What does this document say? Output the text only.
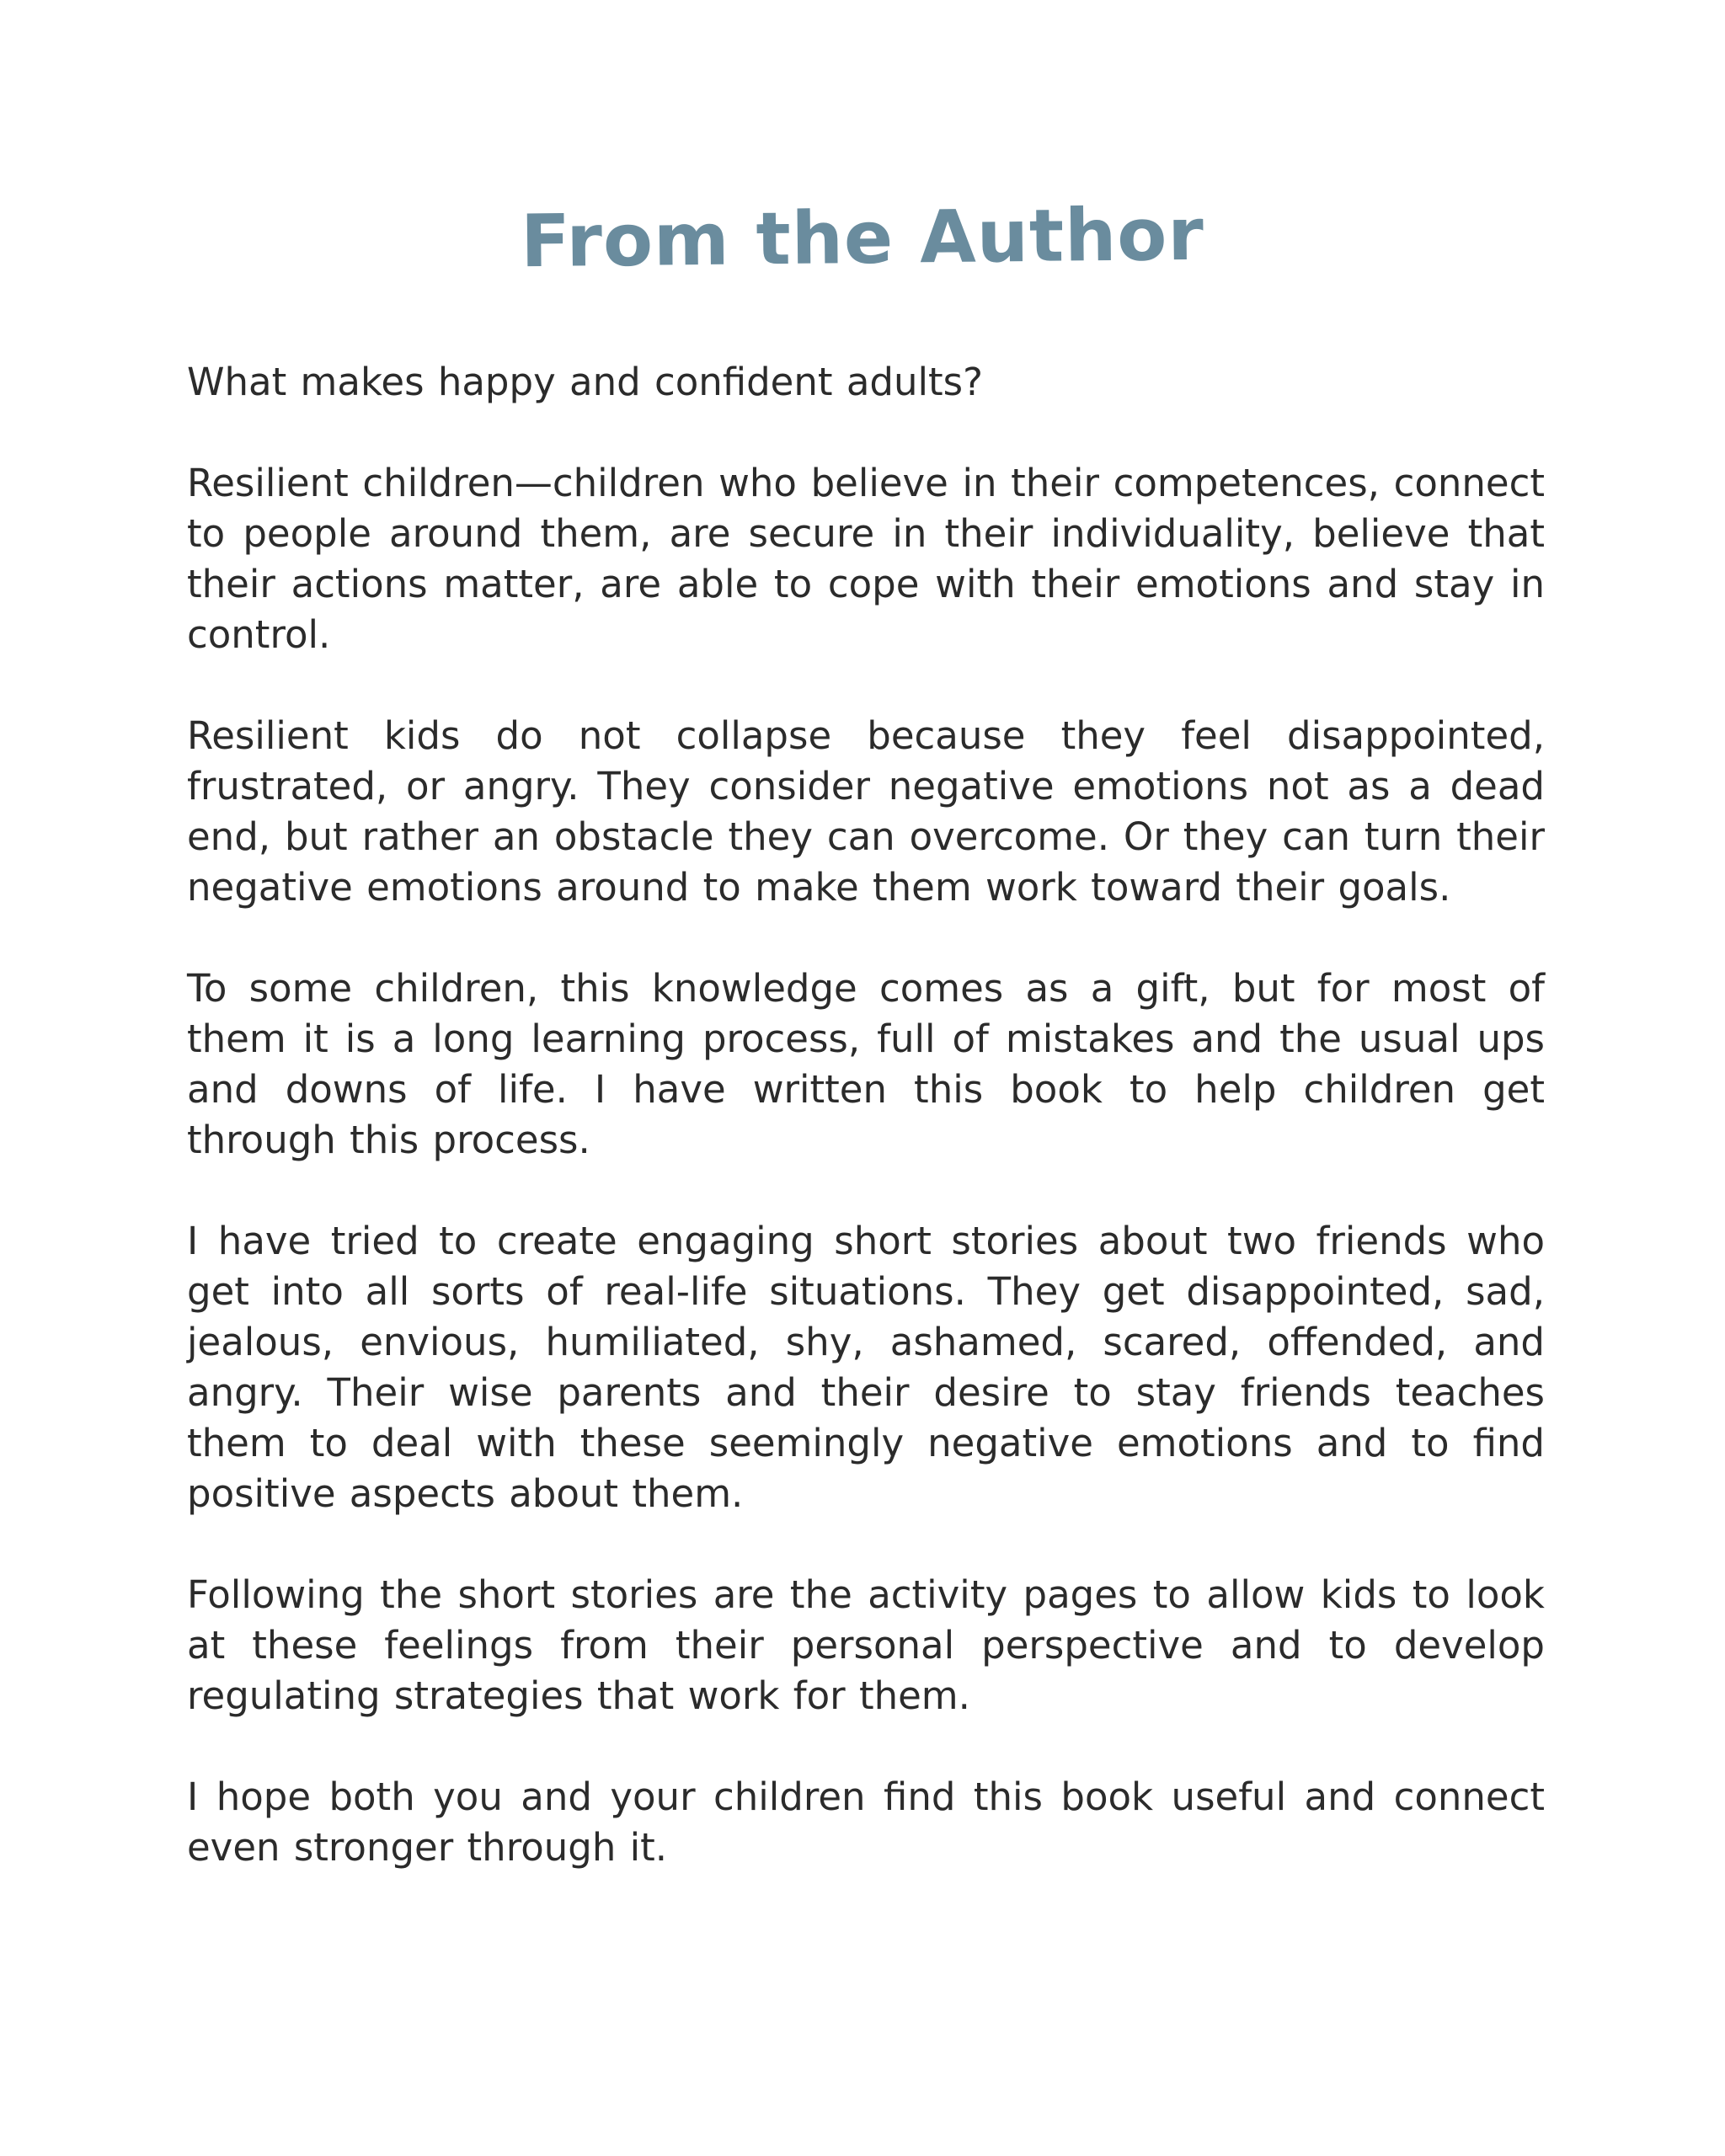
From the Author

What makes happy and confident adults?

Resilient children—children who believe in their competences, connect to people around them, are secure in their individuality, believe that their actions matter, are able to cope with their emotions and stay in control.

Resilient kids do not collapse because they feel disappointed, frustrated, or angry. They consider negative emotions not as a dead end, but rather an obstacle they can overcome. Or they can turn their negative emotions around to make them work toward their goals.

To some children, this knowledge comes as a gift, but for most of them it is a long learning process, full of mistakes and the usual ups and downs of life. I have written this book to help children get through this process.

I have tried to create engaging short stories about two friends who get into all sorts of real-life situations. They get disappointed, sad, jealous, envious, humiliated, shy, ashamed, scared, offended, and angry. Their wise parents and their desire to stay friends teaches them to deal with these seemingly negative emotions and to find positive aspects about them.

Following the short stories are the activity pages to allow kids to look at these feelings from their personal perspective and to develop regulating strategies that work for them.

I hope both you and your children find this book useful and connect even stronger through it.
